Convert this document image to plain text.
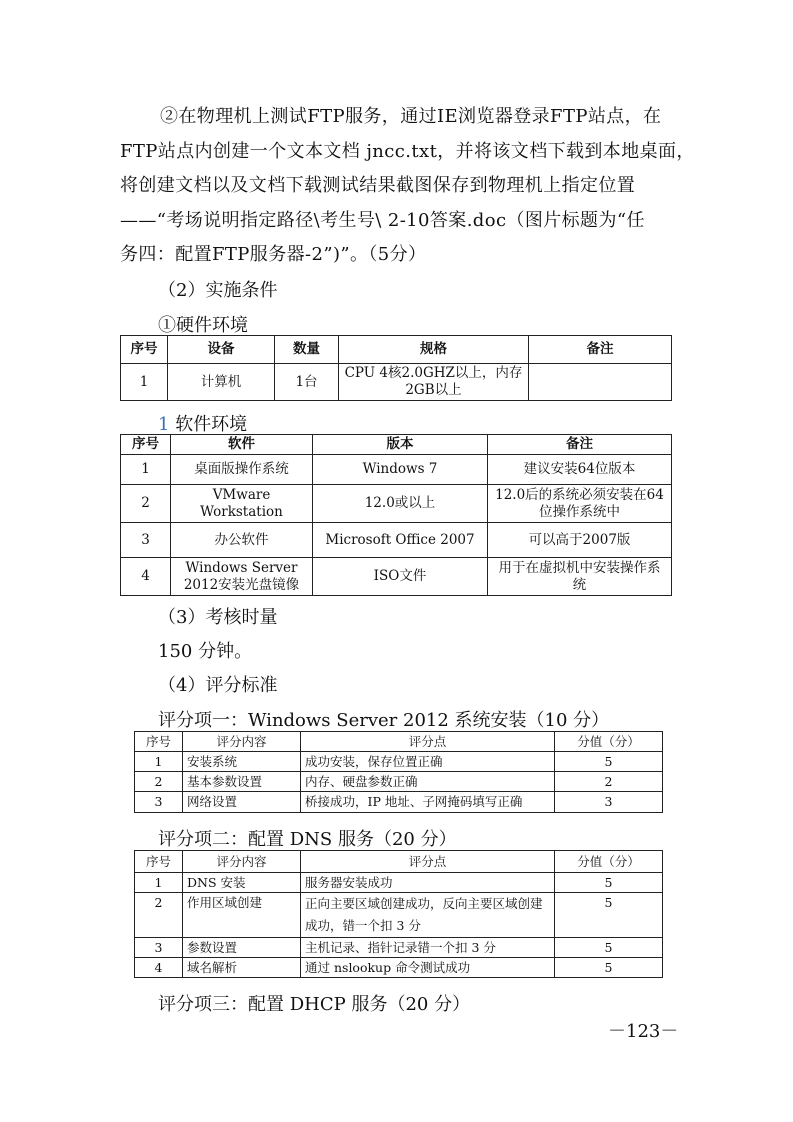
②在物理机上测试FTP服务，通过IE浏览器登录FTP站点，在
FTP站点内创建一个文本文档 jncc.txt，并将该文档下载到本地桌面，
将创建文档以及文档下载测试结果截图保存到物理机上指定位置
——“考场说明指定路径\考生号\ 2-10答案.doc（图片标题为“任
务四：配置FTP服务器-2”)”。（5分）
（2）实施条件
①硬件环境
序号	设备	数量	规格	备注
1	计算机	1台	CPU 4核2.0GHZ以上，内存2GB以上	
1 软件环境
序号	软件	版本	备注
1	桌面版操作系统	Windows 7	建议安装64位版本
2	VMware Workstation	12.0或以上	12.0后的系统必须安装在64位操作系统中
3	办公软件	Microsoft Office 2007	可以高于2007版
4	Windows Server 2012安装光盘镜像	ISO文件	用于在虚拟机中安装操作系统
（3）考核时量
150 分钟。
（4）评分标准
评分项一：Windows Server 2012 系统安装（10 分）
序号	评分内容	评分点	分值（分）
1	安装系统	成功安装，保存位置正确	5
2	基本参数设置	内存、硬盘参数正确	2
3	网络设置	桥接成功，IP 地址、子网掩码填写正确	3
评分项二：配置 DNS 服务（20 分）
序号	评分内容	评分点	分值（分）
1	DNS 安装	服务器安装成功	5
2	作用区域创建	正向主要区域创建成功，反向主要区域创建成功，错一个扣 3 分	5
3	参数设置	主机记录、指针记录错一个扣 3 分	5
4	域名解析	通过 nslookup 命令测试成功	5
评分项三：配置 DHCP 服务（20 分）
－123－
